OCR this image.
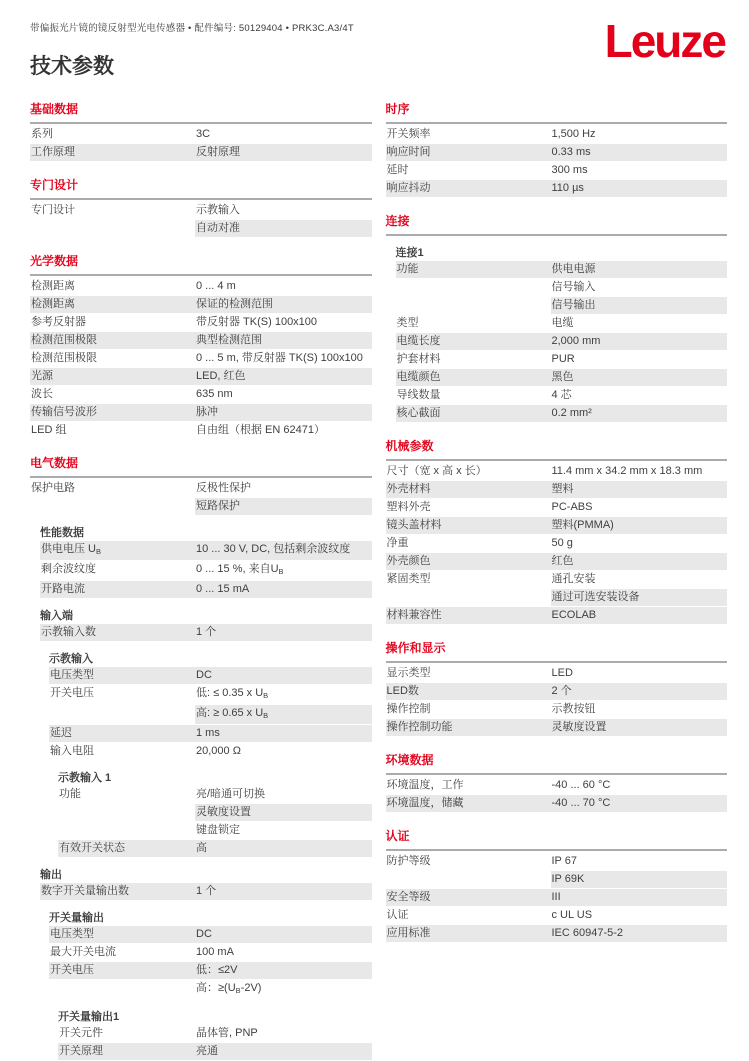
带偏振光片镜的镜反射型光电传感器 • 配件编号: 50129404 • PRK3C.A3/4T	Leuze
技术参数
基础数据
系列	3C
工作原理	反射原理
专门设计
专门设计	示教输入
自动对准
光学数据
检测距离	0 ... 4 m
检测距离	保证的检测范围
参考反射器	带反射器 TK(S) 100x100
检测范围极限	典型检测范围
检测范围极限	0 ... 5 m, 带反射器 TK(S) 100x100
光源	LED, 红色
波长	635 nm
传输信号波形	脉冲
LED 组	自由组（根据 EN 62471）
电气数据
保护电路	反极性保护
短路保护
性能数据
供电电压 $U_B$	10 ... 30 V, DC, 包括剩余波纹度
剩余波纹度	0 ... 15 %, 来自$U_B$
开路电流	0 ... 15 mA
输入端
示教输入数	1 个
示教输入
电压类型	DC
开关电压	低: ≤ 0.35 x $U_B$
高: ≥ 0.65 x $U_B$
延迟	1 ms
输入电阻	20,000 Ω
示教输入 1
功能	亮/暗通可切换
灵敏度设置
键盘锁定
有效开关状态	高
输出
数字开关量输出数	1 个
开关量输出
电压类型	DC
最大开关电流	100 mA
开关电压	低：≤2V
高：$\ge(U_B-2V)$
开关量输出1
开关元件	晶体管, PNP
开关原理	亮通
时序
开关频率	1,500 Hz
响应时间	0.33 ms
延时	300 ms
响应抖动	110 µs
连接
连接1
功能	供电电源
信号输入
信号输出
类型	电缆
电缆长度	2,000 mm
护套材料	PUR
电缆颜色	黑色
导线数量	4 芯
核心截面	0.2 mm²
机械参数
尺寸（宽 x 高 x 长）	11.4 mm x 34.2 mm x 18.3 mm
外壳材料	塑料
塑料外壳	PC-ABS
镜头盖材料	塑料(PMMA)
净重	50 g
外壳颜色	红色
紧固类型	通孔安装
通过可选安装设备
材料兼容性	ECOLAB
操作和显示
显示类型	LED
LED数	2 个
操作控制	示教按钮
操作控制功能	灵敏度设置
环境数据
环境温度，工作	-40 ... 60 °C
环境温度，储藏	-40 ... 70 °C
认证
防护等级	IP 67
IP 69K
安全等级	III
认证	c UL US
应用标准	IEC 60947-5-2
